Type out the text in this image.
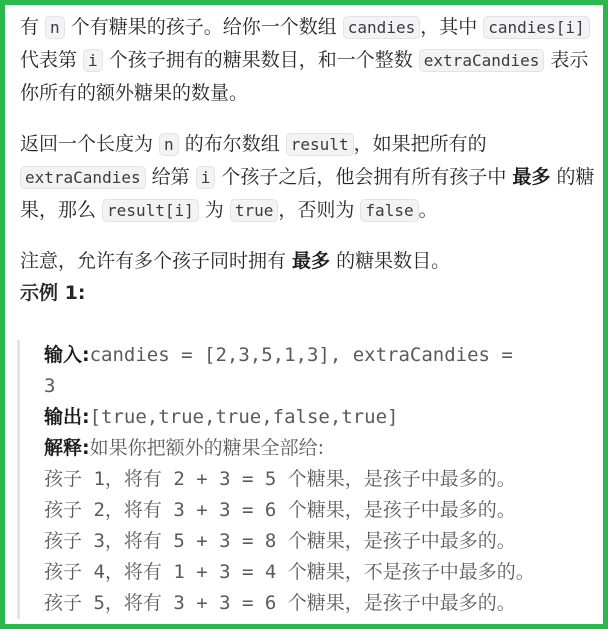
有 n 个有糖果的孩子。给你一个数组 candies ，其中 candies[i] 代表第 i 个孩子拥有的糖果数目，和一个整数 extraCandies 表示你所有的额外糖果的数量。

返回一个长度为 n 的布尔数组 result ，如果把所有的 extraCandies 给第 i 个孩子之后，他会拥有所有孩子中 最多 的糖果，那么 result[i] 为 true ，否则为 false 。

注意，允许有多个孩子同时拥有 最多 的糖果数目。

示例 1:

输入:candies = [2,3,5,1,3], extraCandies =

3

输出:[true,true,true,false,true]

解释:如果你把额外的糖果全部给:

孩子 1，将有 2 + 3 = 5 个糖果，是孩子中最多的。

孩子 2，将有 3 + 3 = 6 个糖果，是孩子中最多的。

孩子 3，将有 5 + 3 = 8 个糖果，是孩子中最多的。

孩子 4，将有 1 + 3 = 4 个糖果，不是孩子中最多的。

孩子 5，将有 3 + 3 = 6 个糖果，是孩子中最多的。
